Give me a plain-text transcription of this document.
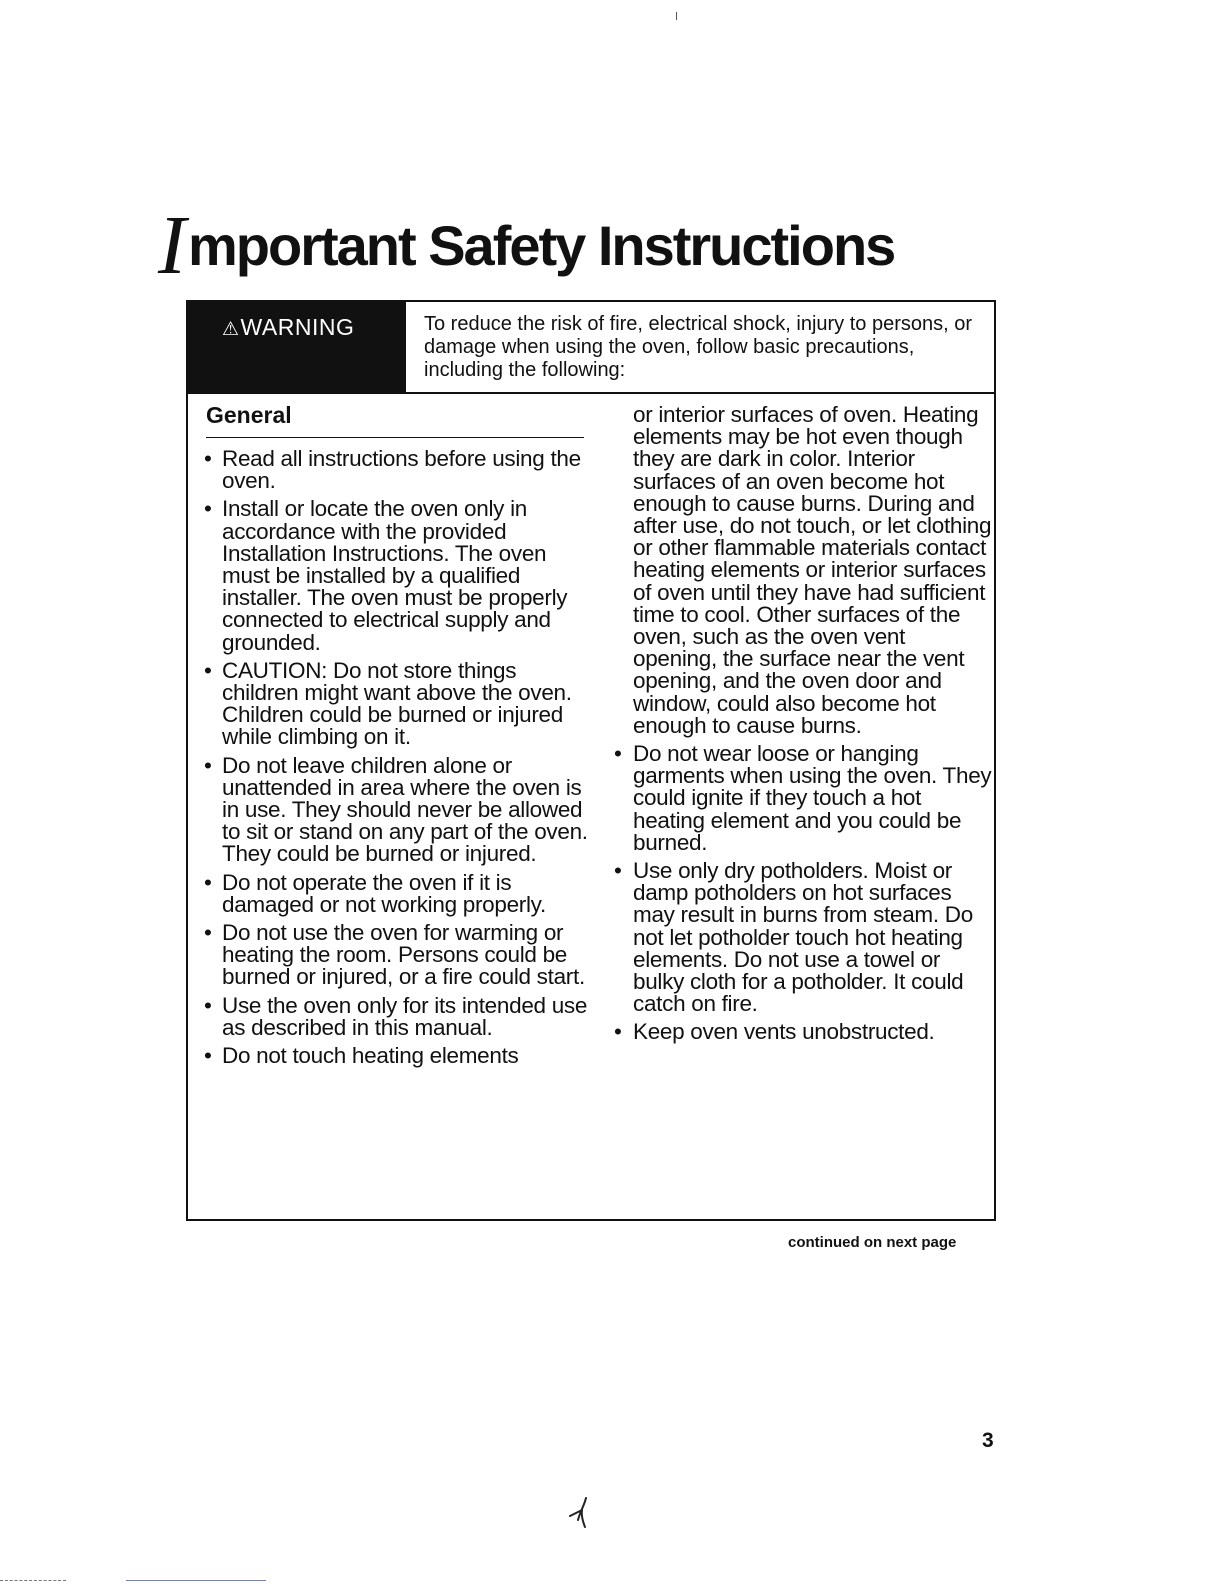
Important Safety Instructions
⚠WARNING	To reduce the risk of fire, electrical shock, injury to persons, or damage when using the oven, follow basic precautions, including the following:
General
• Read all instructions before using the oven.
• Install or locate the oven only in accordance with the provided Installation Instructions. The oven must be installed by a qualified installer. The oven must be properly connected to electrical supply and grounded.
• CAUTION: Do not store things children might want above the oven. Children could be burned or injured while climbing on it.
• Do not leave children alone or unattended in area where the oven is in use. They should never be allowed to sit or stand on any part of the oven. They could be burned or injured.
• Do not operate the oven if it is damaged or not working properly.
• Do not use the oven for warming or heating the room. Persons could be burned or injured, or a fire could start.
• Use the oven only for its intended use as described in this manual.
• Do not touch heating elements
or interior surfaces of oven. Heating elements may be hot even though they are dark in color. Interior surfaces of an oven become hot enough to cause burns. During and after use, do not touch, or let clothing or other flammable materials contact heating elements or interior surfaces of oven until they have had sufficient time to cool. Other surfaces of the oven, such as the oven vent opening, the surface near the vent opening, and the oven door and window, could also become hot enough to cause burns.
• Do not wear loose or hanging garments when using the oven. They could ignite if they touch a hot heating element and you could be burned.
• Use only dry potholders. Moist or damp potholders on hot surfaces may result in burns from steam. Do not let potholder touch hot heating elements. Do not use a towel or bulky cloth for a potholder. It could catch on fire.
• Keep oven vents unobstructed.
continued on next page
3
